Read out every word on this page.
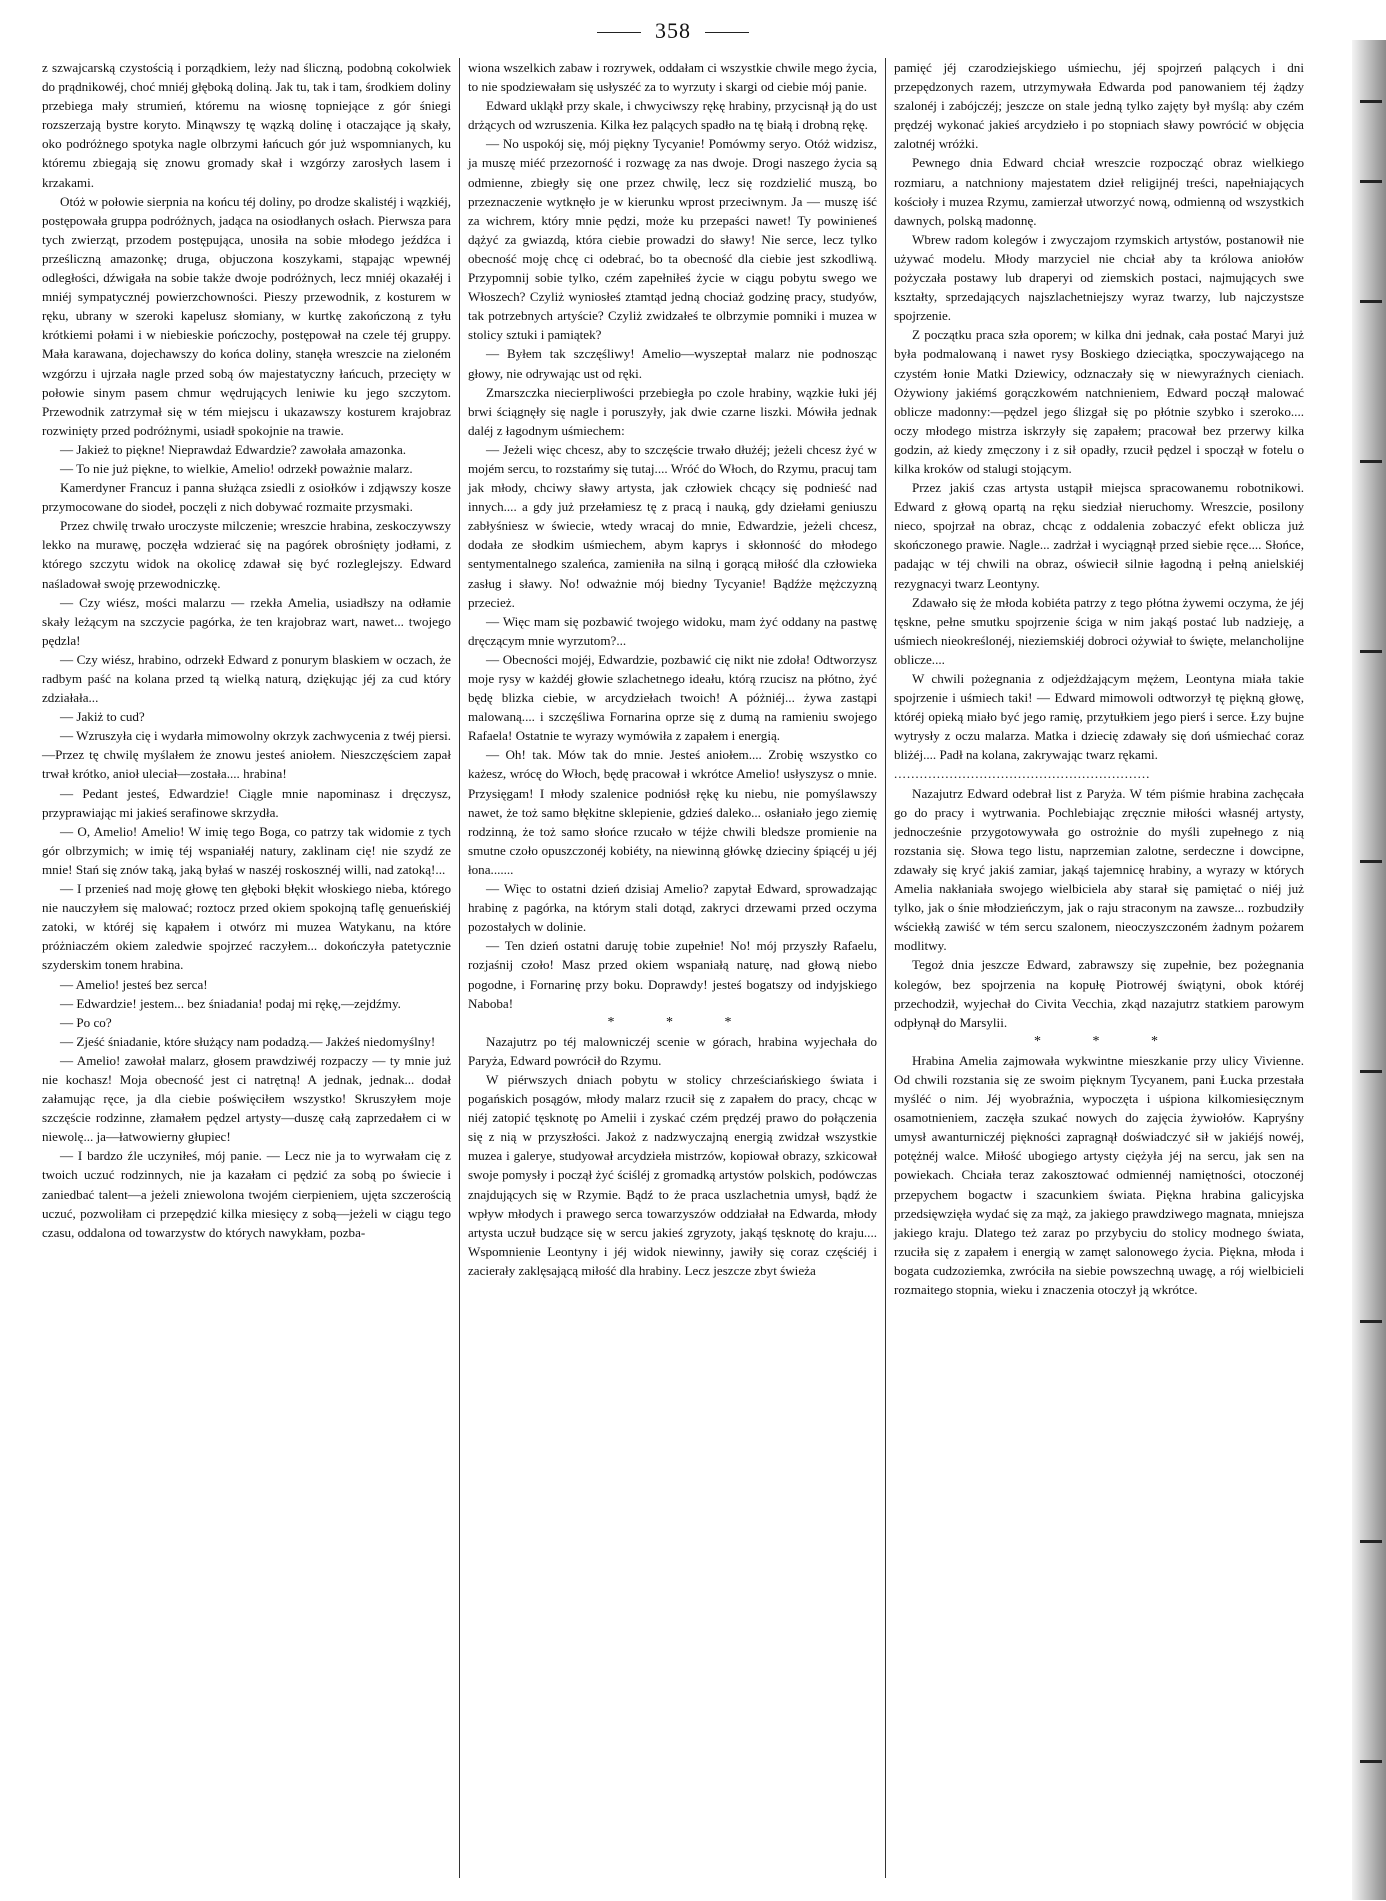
358

z szwajcarską czystością i porządkiem, leży nad śliczną, podobną cokolwiek do prądnikowéj, choć mniéj głęboką doliną. Jak tu, tak i tam, środkiem doliny przebiega mały strumień, któremu na wiosnę topniejące z gór śniegi rozszerzają bystre koryto. Minąwszy tę wązką dolinę i otaczające ją skały, oko podróżnego spotyka nagle olbrzymi łańcuch gór już wspomnianych, ku któremu zbiegają się znowu gromady skał i wzgórzy zarosłych lasem i krzakami.

Otóż w połowie sierpnia na końcu téj doliny, po drodze skalistéj i wązkiéj, postępowała gruppa podróżnych, jadąca na osiodłanych osłach. Pierwsza para tych zwierząt, przodem postępująca, unosiła na sobie młodego jeźdźca i prześliczną amazonkę; druga, objuczona koszykami, stąpając wpewnéj odległości, dźwigała na sobie także dwoje podróżnych, lecz mniéj okazałéj i mniéj sympatycznéj powierzchowności. Pieszy przewodnik, z kosturem w ręku, ubrany w szeroki kapelusz słomiany, w kurtkę zakończoną z tyłu krótkiemi połami i w niebieskie pończochy, postępował na czele téj gruppy. Mała karawana, dojechawszy do końca doliny, stanęła wreszcie na zieloném wzgórzu i ujrzała nagle przed sobą ów majestatyczny łańcuch, przecięty w połowie sinym pasem chmur wędrujących leniwie ku jego szczytom. Przewodnik zatrzymał się w tém miejscu i ukazawszy kosturem krajobraz rozwinięty przed podróżnymi, usiadł spokojnie na trawie.

— Jakież to piękne! Nieprawdaż Edwardzie? zawołała amazonka.

— To nie już piękne, to wielkie, Amelio! odrzekł poważnie malarz.

Kamerdyner Francuz i panna służąca zsiedli z osiołków i zdjąwszy kosze przymocowane do siodeł, poczęli z nich dobywać rozmaite przysmaki.

Przez chwilę trwało uroczyste milczenie; wreszcie hrabina, zeskoczywszy lekko na murawę, poczęła wdzierać się na pagórek obrośnięty jodłami, z którego szczytu widok na okolicę zdawał się być rozleglejszy. Edward naśladował swoję przewodniczkę.

— Czy wiész, mości malarzu — rzekła Amelia, usiadłszy na odłamie skały leżącym na szczycie pagórka, że ten krajobraz wart, nawet... twojego pędzla!

— Czy wiész, hrabino, odrzekł Edward z ponurym blaskiem w oczach, że radbym paść na kolana przed tą wielką naturą, dziękując jéj za cud który zdziałała...

— Jakiż to cud?

— Wzruszyła cię i wydarła mimowolny okrzyk zachwycenia z twéj piersi.—Przez tę chwilę myślałem że znowu jesteś aniołem. Nieszczęściem zapał trwał krótko, anioł uleciał—została.... hrabina!

— Pedant jesteś, Edwardzie! Ciągle mnie napominasz i dręczysz, przyprawiając mi jakieś serafinowe skrzydła.

— O, Amelio! Amelio! W imię tego Boga, co patrzy tak widomie z tych gór olbrzymich; w imię téj wspaniałéj natury, zaklinam cię! nie szydź ze mnie! Stań się znów taką, jaką byłaś w naszéj roskosznéj willi, nad zatoką!...

— I przenieś nad moję głowę ten głęboki błękit włoskiego nieba, którego nie nauczyłem się malować; roztocz przed okiem spokojną taflę genueńskiéj zatoki, w któréj się kąpałem i otwórz mi muzea Watykanu, na które próżniaczém okiem zaledwie spojrzeć raczyłem... dokończyła patetycznie szyderskim tonem hrabina.

— Amelio! jesteś bez serca!

— Edwardzie! jestem... bez śniadania! podaj mi rękę,—zejdźmy.

— Po co?

— Zjeść śniadanie, które służący nam podadzą.— Jakżeś niedomyślny!

— Amelio! zawołał malarz, głosem prawdziwéj rozpaczy — ty mnie już nie kochasz! Moja obecność jest ci natrętną! A jednak, jednak... dodał załamując ręce, ja dla ciebie poświęciłem wszystko! Skruszyłem moje szczęście rodzinne, złamałem pędzel artysty—duszę całą zaprzedałem ci w niewolę... ja—łatwowierny głupiec!

— I bardzo źle uczyniłeś, mój panie. — Lecz nie ja to wyrwałam cię z twoich uczuć rodzinnych, nie ja kazałam ci pędzić za sobą po świecie i zaniedbać talent—a jeżeli zniewolona twojém cierpieniem, ujęta szczerością uczuć, pozwoliłam ci przepędzić kilka miesięcy z sobą—jeżeli w ciągu tego czasu, oddalona od towarzystw do których nawykłam, pozba-

wiona wszelkich zabaw i rozrywek, oddałam ci wszystkie chwile mego życia, to nie spodziewałam się usłyszéć za to wyrzuty i skargi od ciebie mój panie.

Edward ukląkł przy skale, i chwyciwszy rękę hrabiny, przycisnął ją do ust drżących od wzruszenia. Kilka łez palących spadło na tę białą i drobną rękę.

— No uspokój się, mój piękny Tycyanie! Pomówmy seryo. Otóż widzisz, ja muszę miéć przezorność i rozwagę za nas dwoje. Drogi naszego życia są odmienne, zbiegły się one przez chwilę, lecz się rozdzielić muszą, bo przeznaczenie wytknęło je w kierunku wprost przeciwnym. Ja — muszę iść za wichrem, który mnie pędzi, może ku przepaści nawet! Ty powinieneś dążyć za gwiazdą, która ciebie prowadzi do sławy! Nie serce, lecz tylko obecność moję chcę ci odebrać, bo ta obecność dla ciebie jest szkodliwą. Przypomnij sobie tylko, czém zapełniłeś życie w ciągu pobytu swego we Włoszech? Czyliż wyniosłeś ztamtąd jedną chociaż godzinę pracy, studyów, tak potrzebnych artyście? Czyliż zwidzałeś te olbrzymie pomniki i muzea w stolicy sztuki i pamiątek?

— Byłem tak szczęśliwy! Amelio—wyszeptał malarz nie podnosząc głowy, nie odrywając ust od ręki.

Zmarszczka niecierpliwości przebiegła po czole hrabiny, wązkie łuki jéj brwi ściągnęły się nagle i poruszyły, jak dwie czarne liszki. Mówiła jednak daléj z łagodnym uśmiechem:

— Jeżeli więc chcesz, aby to szczęście trwało dłużéj; jeżeli chcesz żyć w mojém sercu, to rozstańmy się tutaj.... Wróć do Włoch, do Rzymu, pracuj tam jak młody, chciwy sławy artysta, jak człowiek chcący się podnieść nad innych.... a gdy już przełamiesz tę z pracą i nauką, gdy dziełami geniuszu zabłyśniesz w świecie, wtedy wracaj do mnie, Edwardzie, jeżeli chcesz, dodała ze słodkim uśmiechem, abym kaprys i skłonność do młodego sentymentalnego szaleńca, zamieniła na silną i gorącą miłość dla człowieka zasług i sławy. No! odważnie mój biedny Tycyanie! Bądźże mężczyzną przecież.

— Więc mam się pozbawić twojego widoku, mam żyć oddany na pastwę dręczącym mnie wyrzutom?...

— Obecności mojéj, Edwardzie, pozbawić cię nikt nie zdoła! Odtworzysz moje rysy w każdéj głowie szlachetnego ideału, którą rzucisz na płótno, żyć będę blizka ciebie, w arcydziełach twoich! A póżniéj... żywa zastąpi malowaną.... i szczęśliwa Fornarina oprze się z dumą na ramieniu swojego Rafaela! Ostatnie te wyrazy wymówiła z zapałem i energią.

— Oh! tak. Mów tak do mnie. Jesteś aniołem.... Zrobię wszystko co każesz, wrócę do Włoch, będę pracował i wkrótce Amelio! usłyszysz o mnie. Przysięgam! I młody szalenice podniósł rękę ku niebu, nie pomyślawszy nawet, że toż samo błękitne sklepienie, gdzieś daleko... osłaniało jego ziemię rodzinną, że toż samo słońce rzucało w téjże chwili bledsze promienie na smutne czoło opuszczonéj kobiéty, na niewinną główkę dzieciny śpiącéj u jéj łona.......

— Więc to ostatni dzień dzisiaj Amelio? zapytał Edward, sprowadzając hrabinę z pagórka, na którym stali dotąd, zakryci drzewami przed oczyma pozostałych w dolinie.

— Ten dzień ostatni daruję tobie zupełnie! No! mój przyszły Rafaelu, rozjaśnij czoło! Masz przed okiem wspaniałą naturę, nad głową niebo pogodne, i Fornarinę przy boku. Doprawdy! jesteś bogatszy od indyjskiego Naboba!

* * *

Nazajutrz po téj malowniczéj scenie w górach, hrabina wyjechała do Paryża, Edward powrócił do Rzymu.

W piérwszych dniach pobytu w stolicy chrześciańskiego świata i pogańskich posągów, młody malarz rzucił się z zapałem do pracy, chcąc w niéj zatopić tęsknotę po Amelii i zyskać czém prędzéj prawo do połączenia się z nią w przyszłości. Jakoż z nadzwyczajną energią zwidzał wszystkie muzea i galerye, studyował arcydzieła mistrzów, kopiował obrazy, szkicował swoje pomysły i począł żyć ściśléj z gromadką artystów polskich, podówczas znajdujących się w Rzymie. Bądź to że praca uszlachetnia umysł, bądź że wpływ młodych i prawego serca towarzyszów oddziałał na Edwarda, młody artysta uczuł budzące się w sercu jakieś zgryzoty, jakąś tęsknotę do kraju.... Wspomnienie Leontyny i jéj widok niewinny, jawiły się coraz częściéj i zacierały zaklęsającą miłość dla hrabiny. Lecz jeszcze zbyt świeża

pamięć jéj czarodziejskiego uśmiechu, jéj spojrzeń palących i dni przepędzonych razem, utrzymywała Edwarda pod panowaniem téj żądzy szalonéj i zabójczéj; jeszcze on stale jedną tylko zajęty był myślą: aby czém prędzéj wykonać jakieś arcydzieło i po stopniach sławy powrócić w objęcia zalotnéj wróżki.

Pewnego dnia Edward chciał wreszcie rozpocząć obraz wielkiego rozmiaru, a natchniony majestatem dzieł religijnéj treści, napełniających kościoły i muzea Rzymu, zamierzał utworzyć nową, odmienną od wszystkich dawnych, polską madonnę.

Wbrew radom kolegów i zwyczajom rzymskich artystów, postanowił nie używać modelu. Młody marzyciel nie chciał aby ta królowa aniołów pożyczała postawy lub draperyi od ziemskich postaci, najmujących swe kształty, sprzedających najszlachetniejszy wyraz twarzy, lub najczystsze spojrzenie.

Z początku praca szła oporem; w kilka dni jednak, cała postać Maryi już była podmalowaną i nawet rysy Boskiego dzieciątka, spoczywającego na czystém łonie Matki Dziewicy, odznaczały się w niewyraźnych cieniach. Ożywiony jakiémś gorączkowém natchnieniem, Edward począł malować oblicze madonny:—pędzel jego ślizgał się po płótnie szybko i szeroko.... oczy młodego mistrza iskrzyły się zapałem; pracował bez przerwy kilka godzin, aż kiedy zmęczony i z sił opadły, rzucił pędzel i spoczął w fotelu o kilka kroków od stalugi stojącym.

Przez jakiś czas artysta ustąpił miejsca spracowanemu robotnikowi. Edward z głową opartą na ręku siedział nieruchomy. Wreszcie, posilony nieco, spojrzał na obraz, chcąc z oddalenia zobaczyć efekt oblicza już skończonego prawie. Nagle... zadrżał i wyciągnął przed siebie ręce.... Słońce, padając w téj chwili na obraz, oświecił silnie łagodną i pełną anielskiéj rezygnacyi twarz Leontyny.

Zdawało się że młoda kobiéta patrzy z tego płótna żywemi oczyma, że jéj tęskne, pełne smutku spojrzenie ściga w nim jakąś postać lub nadzieję, a uśmiech nieokreślonéj, nieziemskiéj dobroci ożywiał to święte, melancholijne oblicze....

W chwili pożegnania z odjeżdżającym mężem, Leontyna miała takie spojrzenie i uśmiech taki! — Edward mimowoli odtworzył tę piękną głowę, któréj opieką miało być jego ramię, przytułkiem jego pierś i serce. Łzy bujne wytrysły z oczu malarza. Matka i dziecię zdawały się doń uśmiechać coraz bliżéj.... Padł na kolana, zakrywając twarz rękami.

............................................................

Nazajutrz Edward odebrał list z Paryża. W tém piśmie hrabina zachęcała go do pracy i wytrwania. Pochlebiając zręcznie miłości własnéj artysty, jednocześnie przygotowywała go ostrożnie do myśli zupełnego z nią rozstania się. Słowa tego listu, naprzemian zalotne, serdeczne i dowcipne, zdawały się kryć jakiś zamiar, jakąś tajemnicę hrabiny, a wyrazy w których Amelia nakłaniała swojego wielbiciela aby starał się pamiętać o niéj już tylko, jak o śnie młodzieńczym, jak o raju straconym na zawsze... rozbudziły wściekłą zawiść w tém sercu szalonem, nieoczyszczoném żadnym pożarem modlitwy.

Tegoż dnia jeszcze Edward, zabrawszy się zupełnie, bez pożegnania kolegów, bez spojrzenia na kopułę Piotrowéj świątyni, obok któréj przechodził, wyjechał do Civita Vecchia, zkąd nazajutrz statkiem parowym odpłynął do Marsylii.

* * *

Hrabina Amelia zajmowała wykwintne mieszkanie przy ulicy Vivienne. Od chwili rozstania się ze swoim pięknym Tycyanem, pani Łucka przestała myśléć o nim. Jéj wyobraźnia, wypoczęta i uśpiona kilkomiesięcznym osamotnieniem, zaczęła szukać nowych do zajęcia żywiołów. Kapryśny umysł awanturniczéj piękności zapragnął doświadczyć sił w jakiéjś nowéj, potężnéj walce. Miłość ubogiego artysty ciężyła jéj na sercu, jak sen na powiekach. Chciała teraz zakosztować odmiennéj namiętności, otoczonéj przepychem bogactw i szacunkiem świata. Piękna hrabina galicyjska przedsięwzięła wydać się za mąż, za jakiego prawdziwego magnata, mniejsza jakiego kraju. Dlatego też zaraz po przybyciu do stolicy modnego świata, rzuciła się z zapałem i energią w zamęt salonowego życia. Piękna, młoda i bogata cudzoziemka, zwróciła na siebie powszechną uwagę, a rój wielbicieli rozmaitego stopnia, wieku i znaczenia otoczył ją wkrótce.
